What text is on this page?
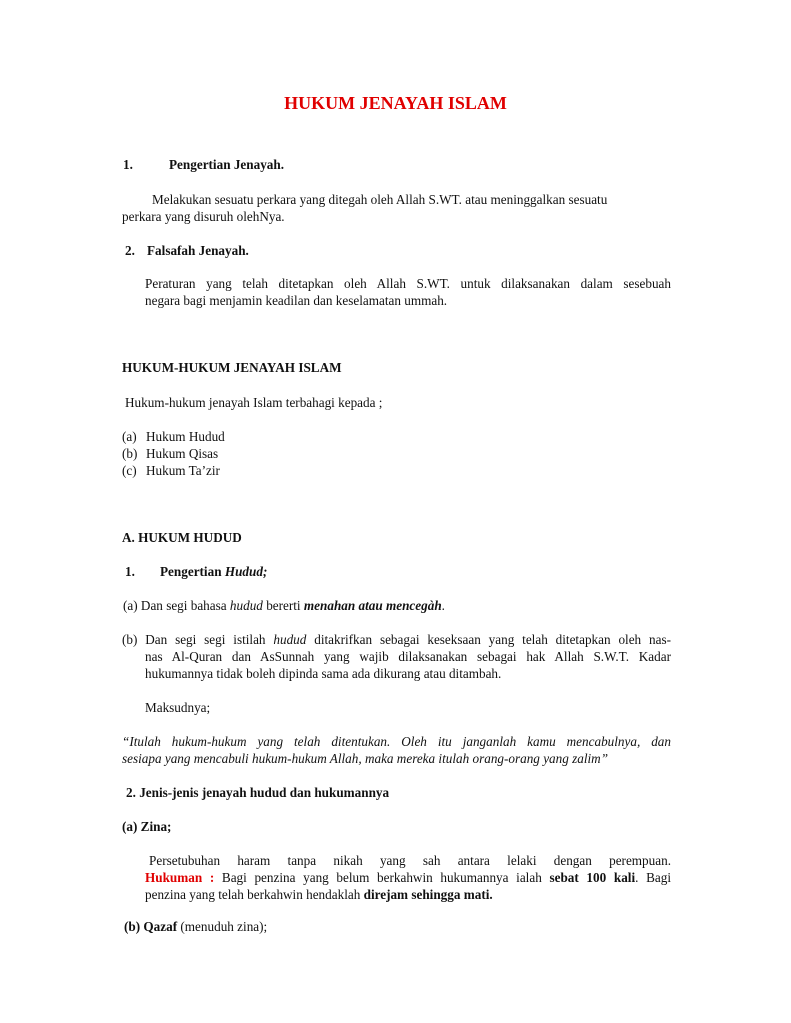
HUKUM JENAYAH ISLAM
1.	Pengertian Jenayah.
Melakukan sesuatu perkara yang ditegah oleh Allah S.WT. atau meninggalkan sesuatu
perkara yang disuruh olehNya.
2. Falsafah Jenayah.
Peraturan yang telah ditetapkan oleh Allah S.WT. untuk dilaksanakan dalam sesebuah
negara bagi menjamin keadilan dan keselamatan ummah.
HUKUM-HUKUM JENAYAH ISLAM
Hukum-hukum jenayah Islam terbahagi kepada ;
(a) Hukum Hudud
(b) Hukum Qisas
(c) Hukum Ta’zir
A. HUKUM HUDUD
1. Pengertian Hudud;
(a) Dan segi bahasa hudud bererti menahan atau mencegàh.
(b) Dan segi segi istilah hudud ditakrifkan sebagai keseksaan yang telah ditetapkan oleh nas-
nas Al-Quran dan AsSunnah yang wajib dilaksanakan sebagai hak Allah S.W.T. Kadar
hukumannya tidak boleh dipinda sama ada dikurang atau ditambah.
Maksudnya;
“Itulah hukum-hukum yang telah ditentukan. Oleh itu janganlah kamu mencabulnya, dan
sesiapa yang mencabuli hukum-hukum Allah, maka mereka itulah orang-orang yang zalim”
2. Jenis-jenis jenayah hudud dan hukumannya
(a) Zina;
Persetubuhan haram tanpa nikah yang sah antara lelaki dengan perempuan.
Hukuman : Bagi penzina yang belum berkahwin hukumannya ialah sebat 100 kali. Bagi
penzina yang telah berkahwin hendaklah direjam sehingga mati.
(b) Qazaf (menuduh zina);
